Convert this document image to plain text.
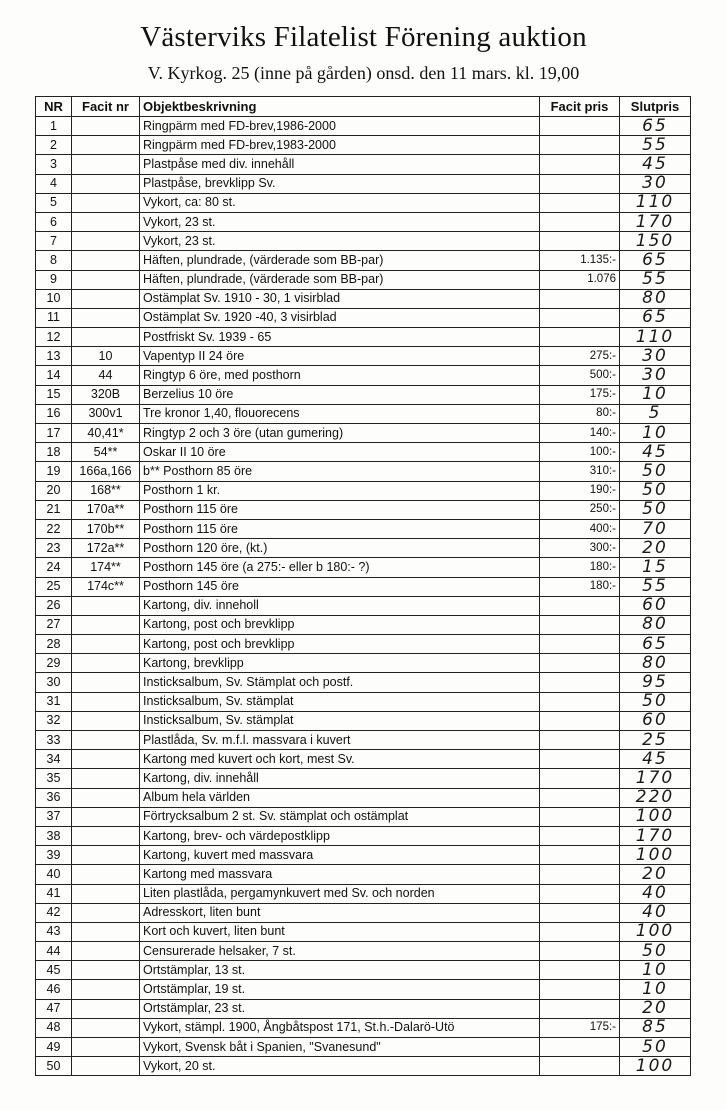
Västerviks Filatelist Förening auktion
V. Kyrkog. 25 (inne på gården) onsd. den 11 mars. kl. 19,00
NR	Facit nr	Objektbeskrivning	Facit pris	Slutpris
1		Ringpärm med FD-brev,1986-2000		65
2		Ringpärm med FD-brev,1983-2000		55
3		Plastpåse med div. innehåll		45
4		Plastpåse, brevklipp Sv.		30
5		Vykort, ca: 80 st.		110
6		Vykort, 23 st.		170
7		Vykort, 23 st.		150
8		Häften, plundrade, (värderade som BB-par)	1.135:-	65
9		Häften, plundrade, (värderade som BB-par)	1.076	55
10		Ostämplat Sv. 1910 - 30, 1 visirblad		80
11		Ostämplat Sv. 1920 -40, 3 visirblad		65
12		Postfriskt Sv. 1939 - 65		110
13	10	Vapentyp II 24 öre	275:-	30
14	44	Ringtyp 6 öre, med posthorn	500:-	30
15	320B	Berzelius 10 öre	175:-	10
16	300v1	Tre kronor 1,40, flouorecens	80:-	5
17	40,41*	Ringtyp 2 och 3 öre (utan gumering)	140:-	10
18	54**	Oskar II 10 öre	100:-	45
19	166a,166	b** Posthorn 85 öre	310:-	50
20	168**	Posthorn 1 kr.	190:-	50
21	170a**	Posthorn 115 öre	250:-	50
22	170b**	Posthorn 115 öre	400:-	70
23	172a**	Posthorn 120 öre, (kt.)	300:-	20
24	174**	Posthorn 145 öre (a 275:- eller b 180:- ?)	180:-	15
25	174c**	Posthorn 145 öre	180:-	55
26		Kartong, div. inneholl		60
27		Kartong, post och brevklipp		80
28		Kartong, post och brevklipp		65
29		Kartong, brevklipp		80
30		Insticksalbum, Sv. Stämplat och postf.		95
31		Insticksalbum, Sv. stämplat		50
32		Insticksalbum, Sv. stämplat		60
33		Plastlåda, Sv. m.f.l. massvara i kuvert		25
34		Kartong med kuvert och kort, mest Sv.		45
35		Kartong, div. innehåll		170
36		Album hela världen		220
37		Förtrycksalbum 2 st. Sv. stämplat och ostämplat		100
38		Kartong, brev- och värdepostklipp		170
39		Kartong, kuvert med massvara		100
40		Kartong med massvara		20
41		Liten plastlåda, pergamynkuvert med Sv. och norden		40
42		Adresskort, liten bunt		40
43		Kort och kuvert, liten bunt		100
44		Censurerade helsaker, 7 st.		50
45		Ortstämplar, 13 st.		10
46		Ortstämplar, 19 st.		10
47		Ortstämplar, 23 st.		20
48		Vykort, stämpl. 1900, Ångbåtspost 171, St.h.-Dalarö-Utö	175:-	85
49		Vykort, Svensk båt i Spanien, "Svanesund"		50
50		Vykort, 20 st.		100
